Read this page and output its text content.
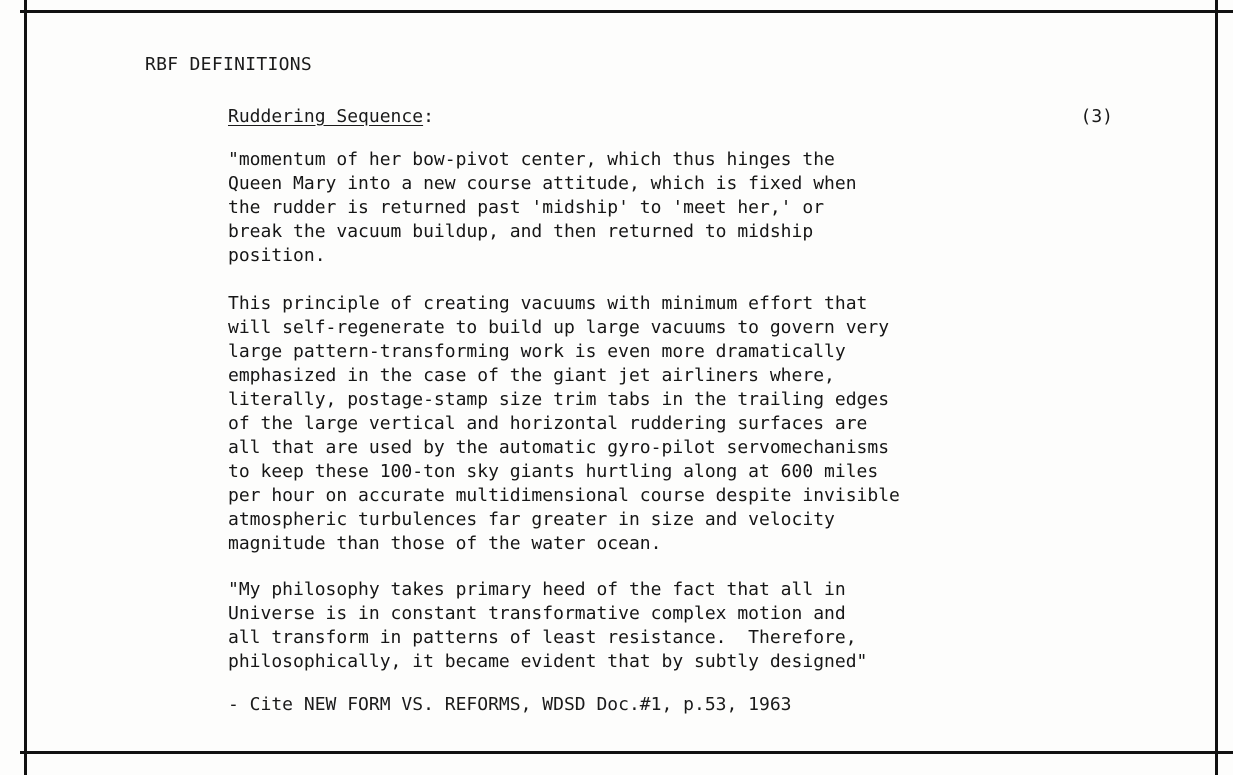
RBF DEFINITIONS
Ruddering Sequence:	(3)

"momentum of her bow-pivot center, which thus hinges the
Queen Mary into a new course attitude, which is fixed when
the rudder is returned past 'midship' to 'meet her,' or
break the vacuum buildup, and then returned to midship
position.

This principle of creating vacuums with minimum effort that
will self-regenerate to build up large vacuums to govern very
large pattern-transforming work is even more dramatically
emphasized in the case of the giant jet airliners where,
literally, postage-stamp size trim tabs in the trailing edges
of the large vertical and horizontal ruddering surfaces are
all that are used by the automatic gyro-pilot servomechanisms
to keep these 100-ton sky giants hurtling along at 600 miles
per hour on accurate multidimensional course despite invisible
atmospheric turbulences far greater in size and velocity
magnitude than those of the water ocean.

"My philosophy takes primary heed of the fact that all in
Universe is in constant transformative complex motion and
all transform in patterns of least resistance.  Therefore,
philosophically, it became evident that by subtly designed"

- Cite NEW FORM VS. REFORMS, WDSD Doc.#1, p.53, 1963
